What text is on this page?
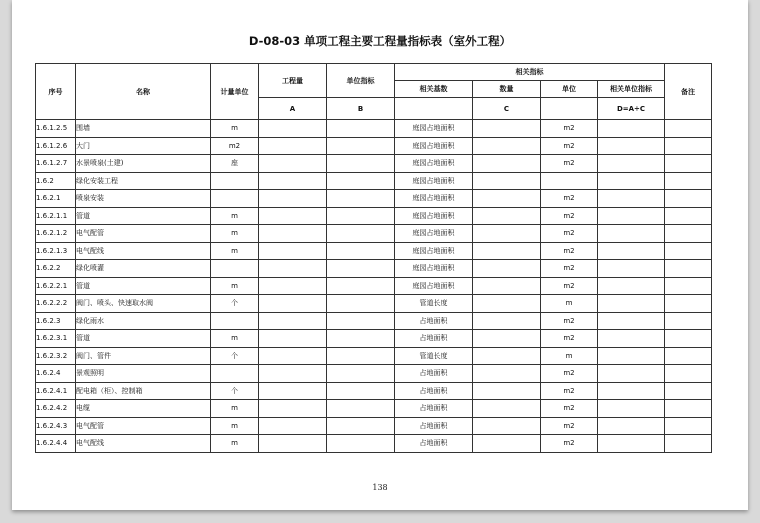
D-08-03 单项工程主要工程量指标表（室外工程）
序号	名称	计量单位	工程量	单位指标	相关指标				备注
					相关基数	数量	单位	相关单位指标	
			A	B		C		D=A÷C	
1.6.1.2.5	围墙	m			庭园占地面积		m2		
1.6.1.2.6	大门	m2			庭园占地面积		m2		
1.6.1.2.7	水景喷泉(土建)	座			庭园占地面积		m2		
1.6.2	绿化安装工程				庭园占地面积				
1.6.2.1	喷泉安装				庭园占地面积		m2		
1.6.2.1.1	管道	m			庭园占地面积		m2		
1.6.2.1.2	电气配管	m			庭园占地面积		m2		
1.6.2.1.3	电气配线	m			庭园占地面积		m2		
1.6.2.2	绿化喷灌				庭园占地面积		m2		
1.6.2.2.1	管道	m			庭园占地面积		m2		
1.6.2.2.2	阀门、喷头、快速取水阀	个			管道长度		m		
1.6.2.3	绿化雨水				占地面积		m2		
1.6.2.3.1	管道	m			占地面积		m2		
1.6.2.3.2	阀门、管件	个			管道长度		m		
1.6.2.4	景观照明				占地面积		m2		
1.6.2.4.1	配电箱（柜）、控制箱	个			占地面积		m2		
1.6.2.4.2	电缆	m			占地面积		m2		
1.6.2.4.3	电气配管	m			占地面积		m2		
1.6.2.4.4	电气配线	m			占地面积		m2		
138
